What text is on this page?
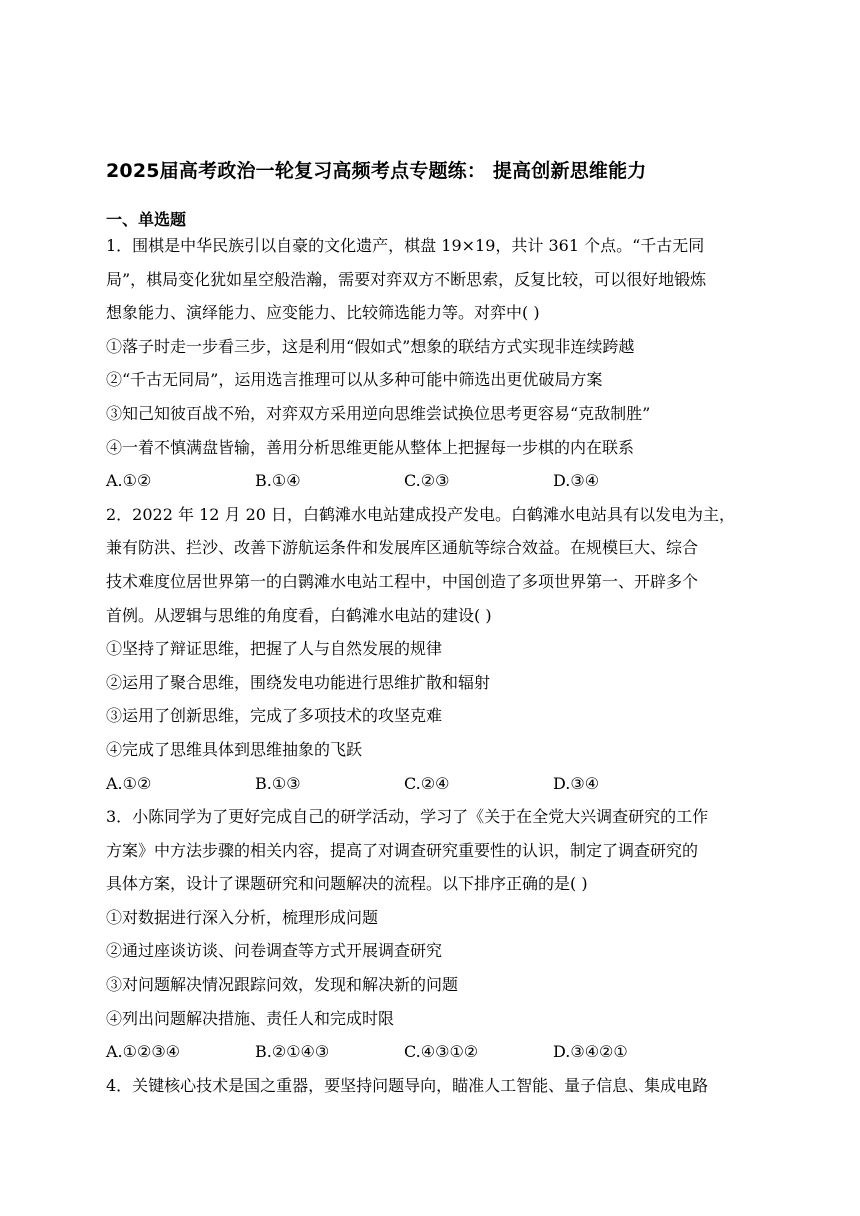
2025届高考政治一轮复习高频考点专题练： 提高创新思维能力
一、单选题
1．围棋是中华民族引以自豪的文化遗产，棋盘 19×19，共计 361 个点。“千古无同
局”，棋局变化犹如星空般浩瀚，需要对弈双方不断思索，反复比较，可以很好地锻炼
想象能力、演绎能力、应变能力、比较筛选能力等。对弈中( )
①落子时走一步看三步，这是利用“假如式”想象的联结方式实现非连续跨越
②“千古无同局”，运用选言推理可以从多种可能中筛选出更优破局方案
③知己知彼百战不殆，对弈双方采用逆向思维尝试换位思考更容易“克敌制胜”
④一着不慎满盘皆输，善用分析思维更能从整体上把握每一步棋的内在联系
A.①②	B.①④	C.②③	D.③④
2．2022 年 12 月 20 日，白鹤滩水电站建成投产发电。白鹤滩水电站具有以发电为主，
兼有防洪、拦沙、改善下游航运条件和发展库区通航等综合效益。在规模巨大、综合
技术难度位居世界第一的白鹮滩水电站工程中，中国创造了多项世界第一、开辟多个
首例。从逻辑与思维的角度看，白鹤滩水电站的建设( )
①坚持了辩证思维，把握了人与自然发展的规律
②运用了聚合思维，围绕发电功能进行思维扩散和辐射
③运用了创新思维，完成了多项技术的攻坚克难
④完成了思维具体到思维抽象的飞跃
A.①②	B.①③	C.②④	D.③④
3．小陈同学为了更好完成自己的研学活动，学习了《关于在全党大兴调查研究的工作
方案》中方法步骤的相关内容，提高了对调查研究重要性的认识，制定了调查研究的
具体方案，设计了课题研究和问题解决的流程。以下排序正确的是( )
①对数据进行深入分析，梳理形成问题
②通过座谈访谈、问卷调查等方式开展调查研究
③对问题解决情况跟踪问效，发现和解决新的问题
④列出问题解决措施、责任人和完成时限
A.①②③④	B.②①④③	C.④③①②	D.③④②①
4．关键核心技术是国之重器，要坚持问题导向，瞄准人工智能、量子信息、集成电路
